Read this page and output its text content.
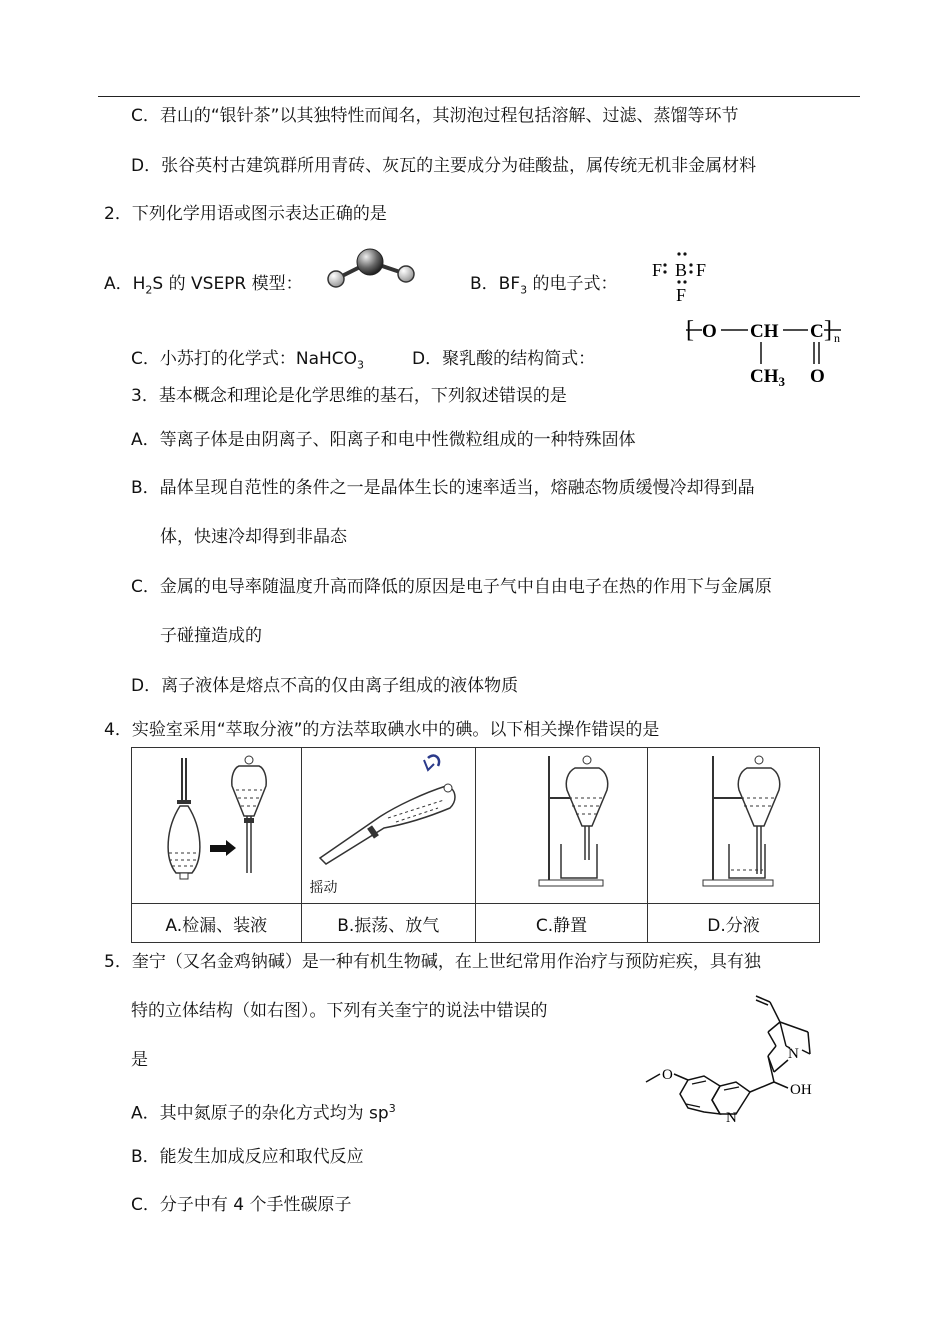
C．君山的“银针茶”以其独特性而闻名，其沏泡过程包括溶解、过滤、蒸馏等环节
D．张谷英村古建筑群所用青砖、灰瓦的主要成分为硅酸盐，属传统无机非金属材料
2．下列化学用语或图示表达正确的是
A．$H_2S$ 的 VSEPR 模型：	B．$BF_3$ 的电子式：
F B F
F
C．小苏打的化学式：NaHCO$_3$	D．聚乳酸的结构简式：
[ O CH C ] n
$CH_3$ O
3．基本概念和理论是化学思维的基石，下列叙述错误的是
A．等离子体是由阴离子、阳离子和电中性微粒组成的一种特殊固体
B．晶体呈现自范性的条件之一是晶体生长的速率适当，熔融态物质缓慢冷却得到晶
体，快速冷却得到非晶态
C．金属的电导率随温度升高而降低的原因是电子气中自由电子在热的作用下与金属原
子碰撞造成的
D．离子液体是熔点不高的仅由离子组成的液体物质
4．实验室采用“萃取分液”的方法萃取碘水中的碘。以下相关操作错误的是

摇动

A.检漏、装液	B.振荡、放气	C.静置	D.分液
5．奎宁（又名金鸡钠碱）是一种有机生物碱，在上世纪常用作治疗与预防疟疾，具有独
特的立体结构（如右图）。下列有关奎宁的说法中错误的
是
A．其中氮原子的杂化方式均为 $sp^3$
B．能发生加成反应和取代反应
C．分子中有 4 个手性碳原子
N
OH
N
O
